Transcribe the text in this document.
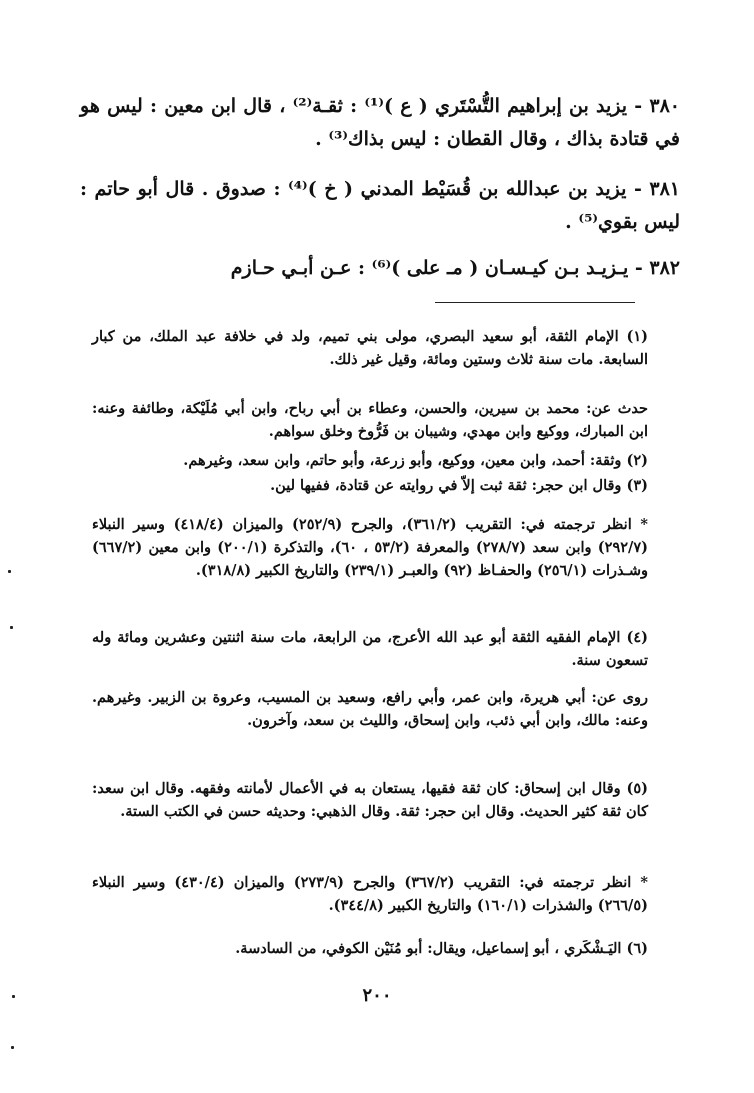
٣٨٠ - يزيد بن إبراهيم التُّسْتَري ( ع )⁽¹⁾ : ثقـة⁽²⁾ ، قال ابن معين : ليس هو في قتادة بذاك ، وقال القطان : ليس بذاك⁽³⁾ .

٣٨١ - يزيد بن عبدالله بن قُسَيْط المدني ( خ )⁽⁴⁾ : صدوق . قال أبو حاتم : ليس بقوي⁽⁵⁾ .

٣٨٢ - يـزيـد بـن كيـسـان ( مـ على )⁽⁶⁾ : عـن أبـي حـازم

(١) الإمام الثقة، أبو سعيد البصري، مولى بني تميم، ولد في خلافة عبد الملك، من كبار السابعة. مات سنة ثلاث وستين ومائة، وقيل غير ذلك.

حدث عن: محمد بن سيرين، والحسن، وعطاء بن أبي رباح، وابن أبي مُلَيْكة، وطائفة وعنه: ابن المبارك، ووكيع وابن مهدي، وشيبان بن فَرُّوخ وخلق سواهم.

(٢) وثقة: أحمد، وابن معين، ووكيع، وأبو زرعة، وأبو حاتم، وابن سعد، وغيرهم.

(٣) وقال ابن حجر: ثقة ثبت إلاّ في روايته عن قتادة، ففيها لين.

* انظر ترجمته في: التقريب (٣٦١/٢)، والجرح (٢٥٢/٩) والميزان (٤١٨/٤) وسير النبلاء (٢٩٢/٧) وابن سعد (٢٧٨/٧) والمعرفة (٥٣/٢ ، ٦٠)، والتذكرة (٢٠٠/١) وابن معين (٦٦٧/٢) وشـذرات (٢٥٦/١) والحفـاظ (٩٢) والعبـر (٢٣٩/١) والتاريخ الكبير (٣١٨/٨).

(٤) الإمام الفقيه الثقة أبو عبد الله الأعرج، من الرابعة، مات سنة اثنتين وعشرين ومائة وله تسعون سنة.

روى عن: أبي هريرة، وابن عمر، وأبي رافع، وسعيد بن المسيب، وعروة بن الزبير. وغيرهم. وعنه: مالك، وابن أبي ذئب، وابن إسحاق، والليث بن سعد، وآخرون.

(٥) وقال ابن إسحاق: كان ثقة فقيها، يستعان به في الأعمال لأمانته وفقهه. وقال ابن سعد: كان ثقة كثير الحديث. وقال ابن حجر: ثقة. وقال الذهبي: وحديثه حسن في الكتب الستة.

* انظر ترجمته في: التقريب (٣٦٧/٢) والجرح (٢٧٣/٩) والميزان (٤٣٠/٤) وسير النبلاء (٢٦٦/٥) والشذرات (١٦٠/١) والتاريخ الكبير (٣٤٤/٨).

(٦) اليَـشْكَري ، أبو إسماعيل، ويقال: أبو مُنَيْن الكوفي، من السادسة.

٢٠٠
